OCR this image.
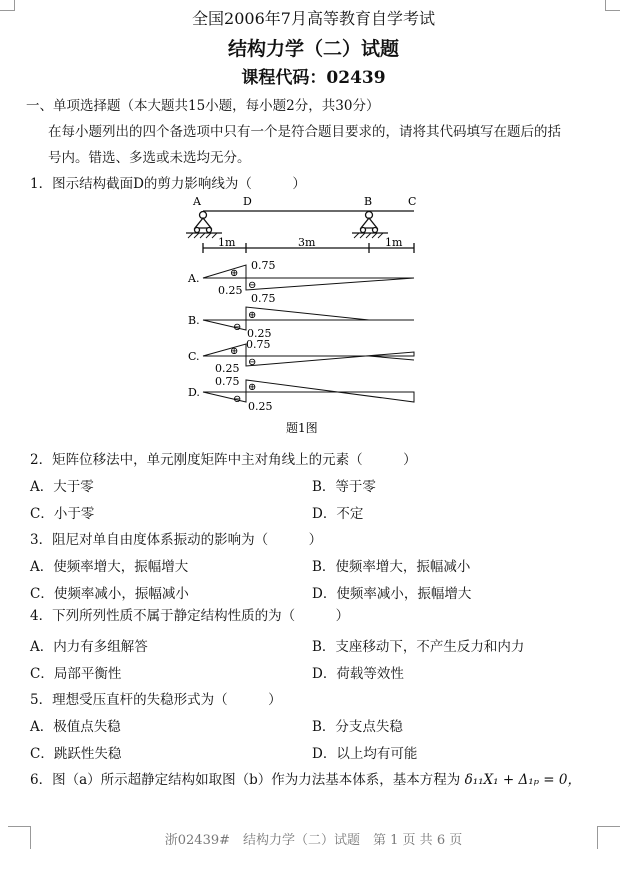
全国2006年7月高等教育自学考试
结构力学（二）试题
课程代码：02439
一、单项选择题（本大题共15小题，每小题2分，共30分）
在每小题列出的四个备选项中只有一个是符合题目要求的，请将其代码填写在题后的括
号内。错选、多选或未选均无分。
1．图示结构截面D的剪力影响线为（　　　）
A	D	B	C
1m	3m	1m
A.	⊕
⊖
0.75
0.25
B.
⊖
⊕
0.75
0.25
C.	⊕
⊖
0.75
0.25
D.
⊖
⊕
0.75
0.25
题1图
2．矩阵位移法中，单元刚度矩阵中主对角线上的元素（　　　）
A．大于零	B．等于零
C．小于零	D．不定
3．阻尼对单自由度体系振动的影响为（　　　）
A．使频率增大，振幅增大	B．使频率增大，振幅减小
C．使频率减小，振幅减小	D．使频率减小，振幅增大
4．下列所列性质不属于静定结构性质的为（　　　）
A．内力有多组解答	B．支座移动下，不产生反力和内力
C．局部平衡性	D．荷载等效性
5．理想受压直杆的失稳形式为（　　　）
A．极值点失稳	B．分支点失稳
C．跳跃性失稳	D．以上均有可能
6．图（a）所示超静定结构如取图（b）作为力法基本体系，基本方程为 δ₁₁X₁ + Δ₁ₚ = 0，
浙02439#　结构力学（二）试题　第 1 页 共 6 页
